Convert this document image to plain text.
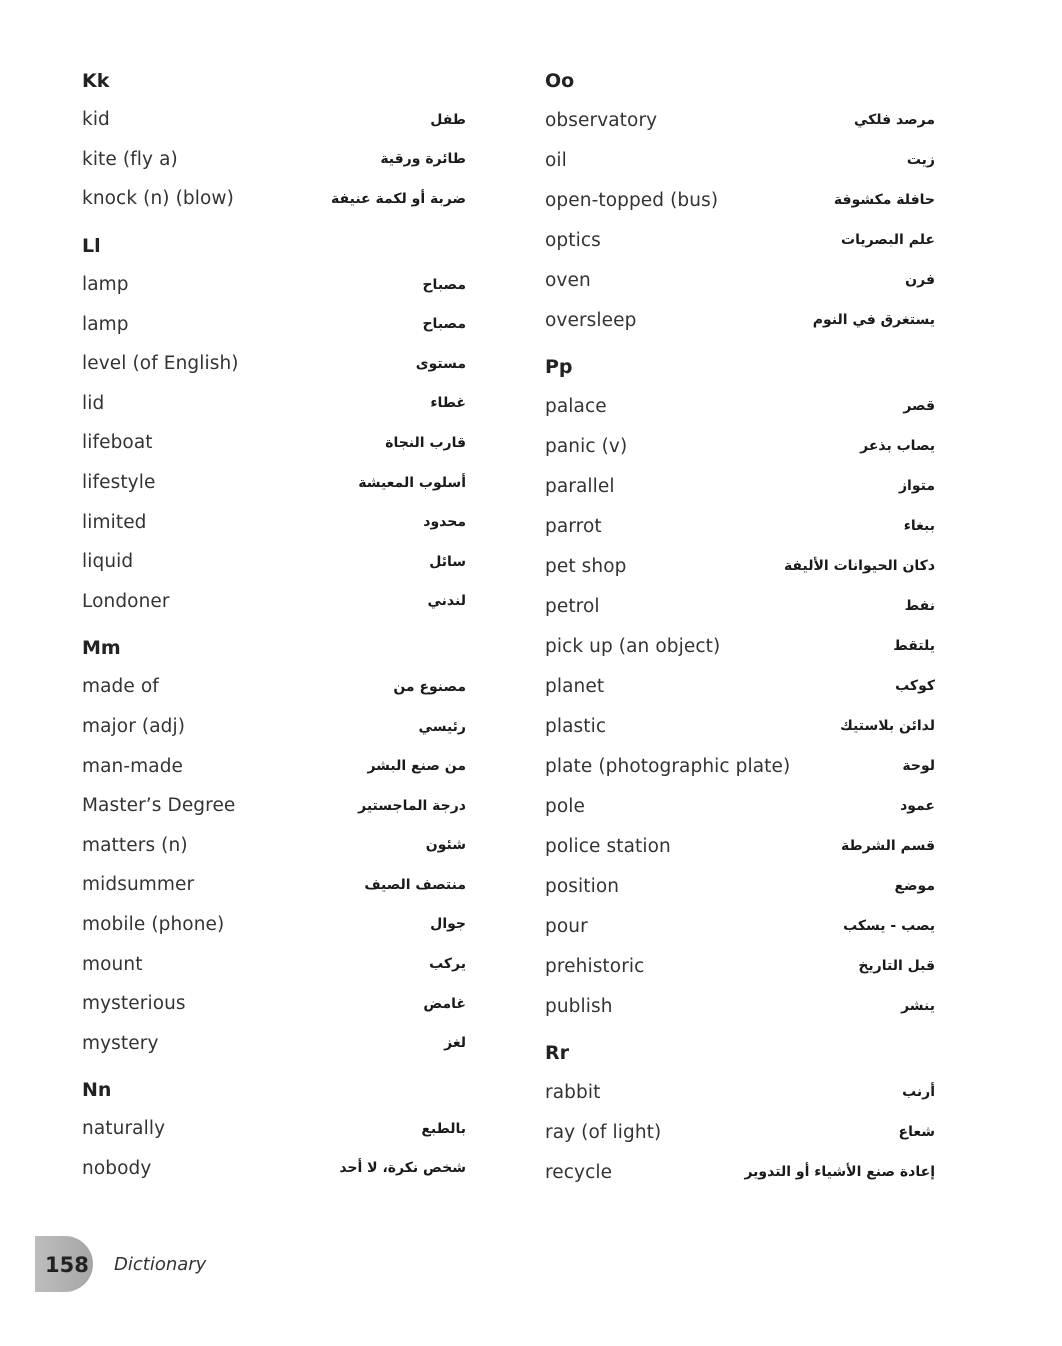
Kk
kid	طفل
kite (fly a)	طائرة ورقية
knock (n) (blow)	ضربة أو لكمة عنيفة
Ll
lamp	مصباح
lamp	مصباح
level (of English)	مستوى
lid	غطاء
lifeboat	قارب النجاة
lifestyle	أسلوب المعيشة
limited	محدود
liquid	سائل
Londoner	لندني
Mm
made of	مصنوع من
major (adj)	رئيسي
man-made	من صنع البشر
Master’s Degree	درجة الماجستير
matters (n)	شئون
midsummer	منتصف الصيف
mobile (phone)	جوال
mount	يركب
mysterious	غامض
mystery	لغز
Nn
naturally	بالطبع
nobody	شخص نكرة، لا أحد
Oo
observatory	مرصد فلكي
oil	زيت
open-topped (bus)	حافلة مكشوفة
optics	علم البصريات
oven	فرن
oversleep	يستغرق في النوم
Pp
palace	قصر
panic (v)	يصاب بذعر
parallel	متواز
parrot	ببغاء
pet shop	دكان الحيوانات الأليفة
petrol	نفط
pick up (an object)	يلتقط
planet	كوكب
plastic	لدائن بلاستيك
plate (photographic plate)	لوحة
pole	عمود
police station	قسم الشرطة
position	موضع
pour	يصب - يسكب
prehistoric	قبل التاريخ
publish	ينشر
Rr
rabbit	أرنب
ray (of light)	شعاع
recycle	إعادة صنع الأشياء أو التدوير
158 Dictionary
